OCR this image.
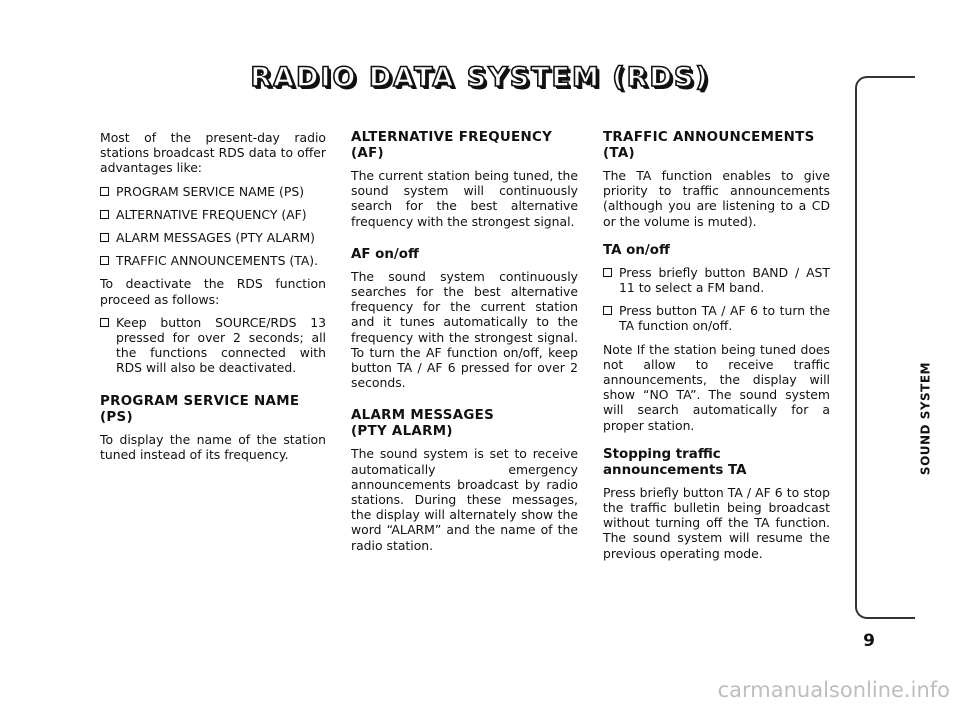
RADIO DATA SYSTEM (RDS)

Most of the present-day radio stations broadcast RDS data to offer advantages like:

PROGRAM SERVICE NAME (PS)
ALTERNATIVE FREQUENCY (AF)
ALARM MESSAGES (PTY ALARM)
TRAFFIC ANNOUNCEMENTS (TA).

To deactivate the RDS function proceed as follows:

Keep button SOURCE/RDS 13 pressed for over 2 seconds; all the functions connected with RDS will also be deactivated.
PROGRAM SERVICE NAME (PS)

To display the name of the station tuned instead of its frequency.

ALTERNATIVE FREQUENCY
(AF)

The current station being tuned, the sound system will continuously search for the best alternative frequency with the strongest signal.

AF on/off

The sound system continuously searches for the best alternative frequency for the current station and it tunes automatically to the frequency with the strongest signal. To turn the AF function on/off, keep button TA / AF 6 pressed for over 2 seconds.

ALARM MESSAGES
(PTY ALARM)

The sound system is set to receive automatically emergency announcements broadcast by radio stations. During these messages, the display will alternately show the word “ALARM” and the name of the radio station.

TRAFFIC ANNOUNCEMENTS
(TA)

The TA function enables to give priority to traffic announcements (although you are listening to a CD or the volume is muted).

TA on/off
Press briefly button BAND / AST 11 to select a FM band.
Press button TA / AF 6 to turn the TA function on/off.

Note If the station being tuned does not allow to receive traffic announcements, the display will show “NO TA”. The sound system will search automatically for a proper station.

Stopping traffic announcements TA

Press briefly button TA / AF 6 to stop the traffic bulletin being broadcast without turning off the TA function. The sound system will resume the previous operating mode.

SOUND SYSTEM
9
carmanualsonline.info
